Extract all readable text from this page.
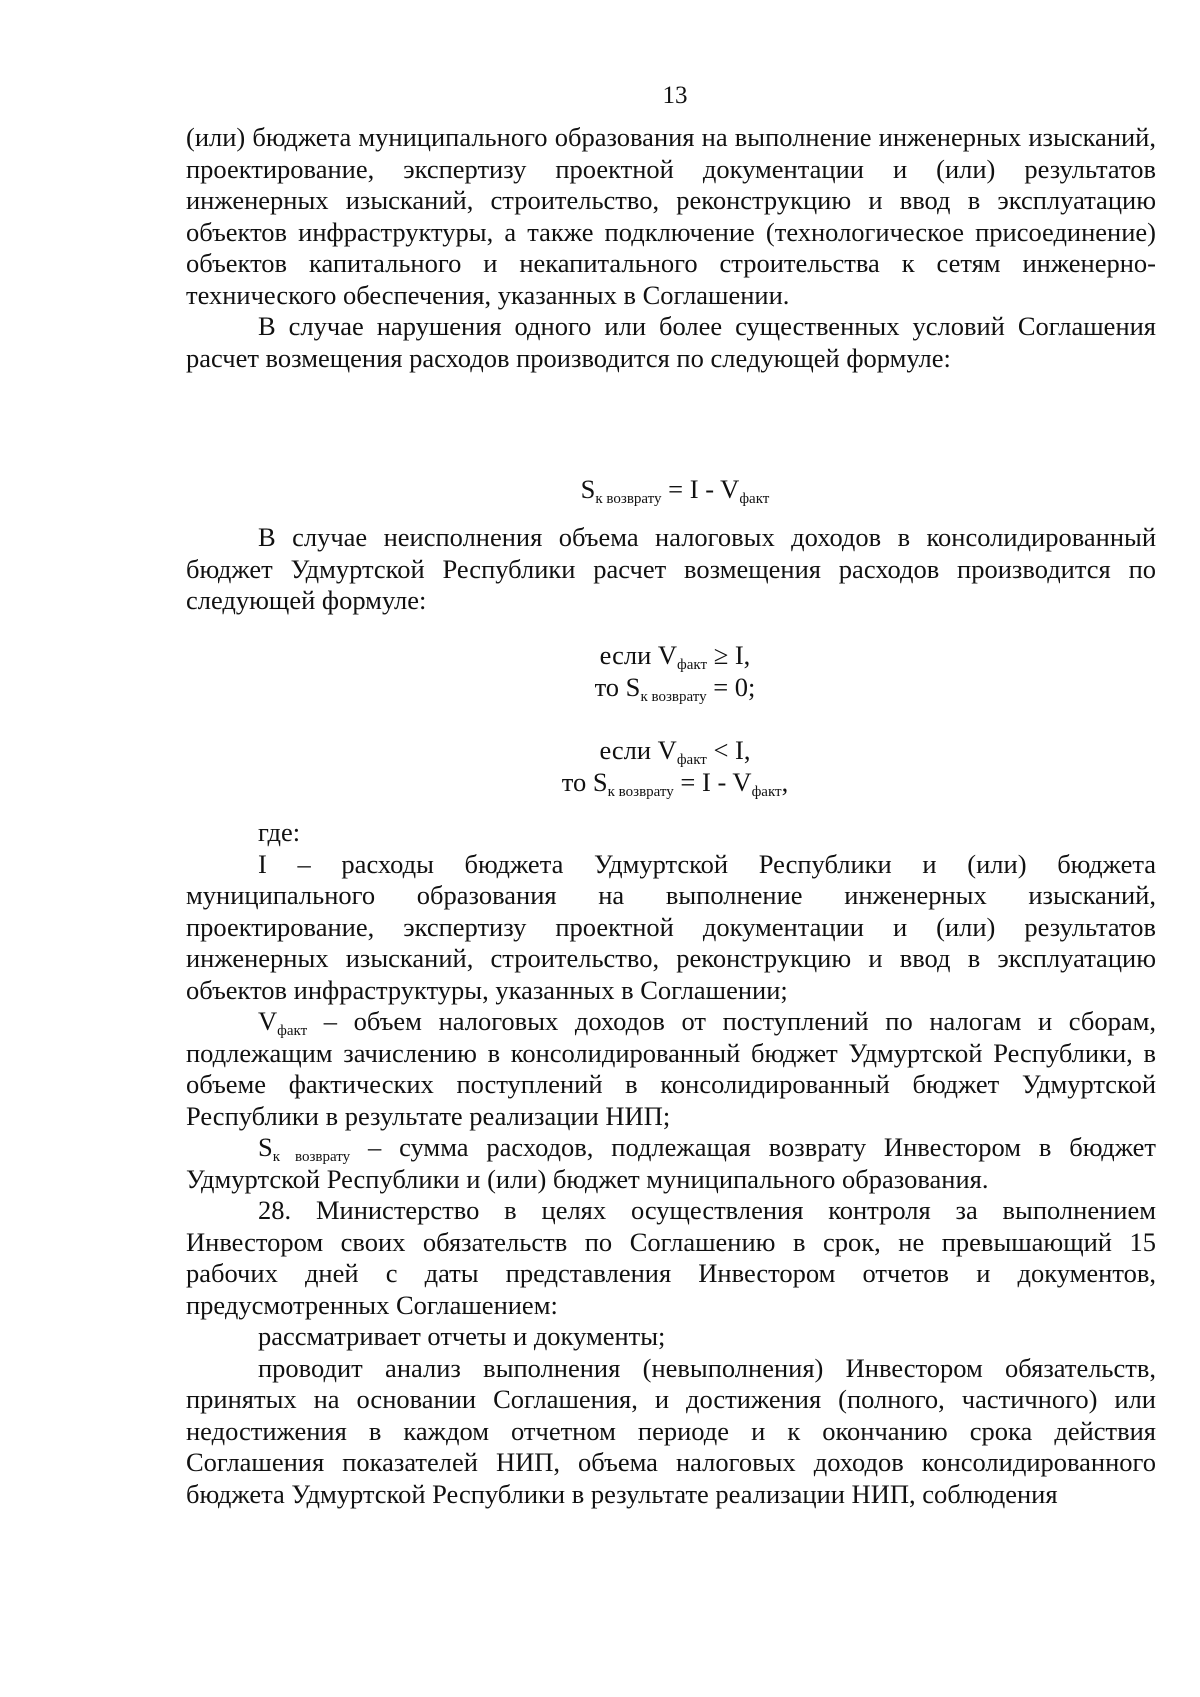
13

(или) бюджета муниципального образования на выполнение инженерных изысканий, проектирование, экспертизу проектной документации и (или) результатов инженерных изысканий, строительство, реконструкцию и ввод в эксплуатацию объектов инфраструктуры, а также подключение (технологическое присоединение) объектов капитального и некапитального строительства к сетям инженерно-технического обеспечения, указанных в Соглашении.

В случае нарушения одного или более существенных условий Соглашения расчет возмещения расходов производится по следующей формуле:

$S_{к возврату} = I - V_{факт}$

В случае неисполнения объема налоговых доходов в консолидированный бюджет Удмуртской Республики расчет возмещения расходов производится по следующей формуле:

если $V_{факт} \ge I$,
то $S_{к возврату} = 0$;
если $V_{факт} < I$,
то $S_{к возврату} = I - V_{факт}$,

где:

I – расходы бюджета Удмуртской Республики и (или) бюджета муниципального образования на выполнение инженерных изысканий, проектирование, экспертизу проектной документации и (или) результатов инженерных изысканий, строительство, реконструкцию и ввод в эксплуатацию объектов инфраструктуры, указанных в Соглашении;

$V_{факт}$ – объем налоговых доходов от поступлений по налогам и сборам, подлежащим зачислению в консолидированный бюджет Удмуртской Республики, в объеме фактических поступлений в консолидированный бюджет Удмуртской Республики в результате реализации НИП;

$S_{к возврату}$ – сумма расходов, подлежащая возврату Инвестором в бюджет Удмуртской Республики и (или) бюджет муниципального образования.

28. Министерство в целях осуществления контроля за выполнением Инвестором своих обязательств по Соглашению в срок, не превышающий 15 рабочих дней с даты представления Инвестором отчетов и документов, предусмотренных Соглашением:

рассматривает отчеты и документы;

проводит анализ выполнения (невыполнения) Инвестором обязательств, принятых на основании Соглашения, и достижения (полного, частичного) или недостижения в каждом отчетном периоде и к окончанию срока действия Соглашения показателей НИП, объема налоговых доходов консолидированного бюджета Удмуртской Республики в результате реализации НИП, соблюдения
